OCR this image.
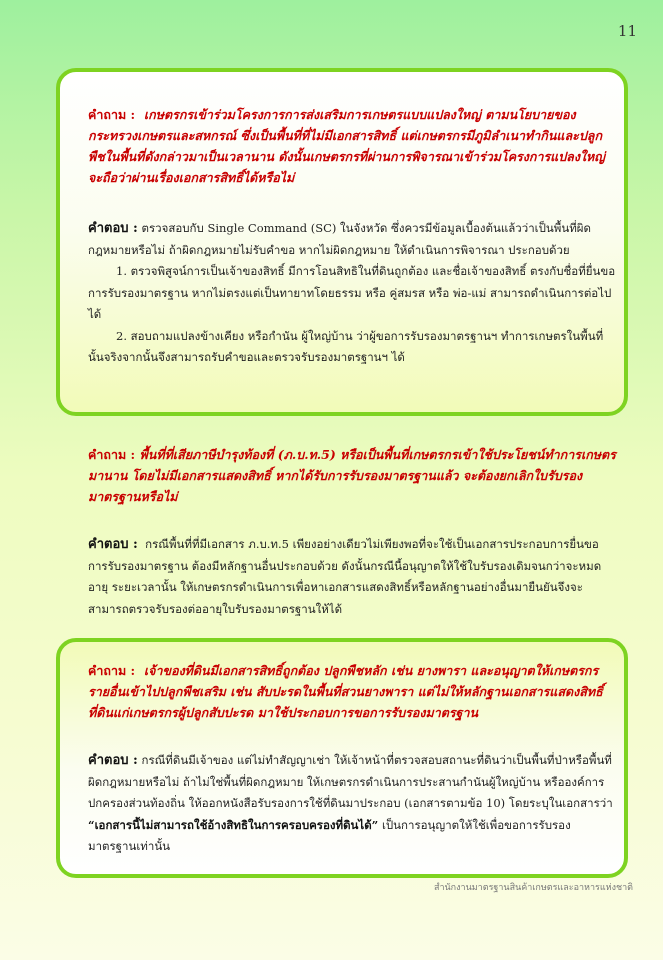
11

คำถาม : เกษตรกรเข้าร่วมโครงการการส่งเสริมการเกษตรแบบแปลงใหญ่ ตามนโยบายของกระทรวงเกษตรและสหกรณ์ ซึ่งเป็นพื้นที่ที่ไม่มีเอกสารสิทธิ์ แต่เกษตรกรมีภูมิลำเนาทำกินและปลูกพืชในพื้นที่ดังกล่าวมาเป็นเวลานาน ดังนั้นเกษตรกรที่ผ่านการพิจารณาเข้าร่วมโครงการแปลงใหญ่ จะถือว่าผ่านเรื่องเอกสารสิทธิ์ได้หรือไม่

คำตอบ : ตรวจสอบกับ Single Command (SC) ในจังหวัด ซึ่งควรมีข้อมูลเบื้องต้นแล้วว่าเป็นพื้นที่ผิดกฎหมายหรือไม่ ถ้าผิดกฎหมายไม่รับคำขอ หากไม่ผิดกฎหมาย ให้ดำเนินการพิจารณา ประกอบด้วย

1. ตรวจพิสูจน์การเป็นเจ้าของสิทธิ์ มีการโอนสิทธิในที่ดินถูกต้อง และชื่อเจ้าของสิทธิ์ ตรงกับชื่อที่ยื่นขอการรับรองมาตรฐาน หากไม่ตรงแต่เป็นทายาทโดยธรรม หรือ คู่สมรส หรือ พ่อ-แม่ สามารถดำเนินการต่อไปได้

2. สอบถามแปลงข้างเคียง หรือกำนัน ผู้ใหญ่บ้าน ว่าผู้ขอการรับรองมาตรฐานฯ ทำการเกษตรในพื้นที่นั้นจริงจากนั้นจึงสามารถรับคำขอและตรวจรับรองมาตรฐานฯ ได้

คำถาม : พื้นที่ที่เสียภาษีบำรุงท้องที่ (ภ.บ.ท.5) หรือเป็นพื้นที่เกษตรกรเข้าใช้ประโยชน์ทำการเกษตรมานาน โดยไม่มีเอกสารแสดงสิทธิ์ หากได้รับการรับรองมาตรฐานแล้ว จะต้องยกเลิกใบรับรองมาตรฐานหรือไม่

คำตอบ : กรณีพื้นที่ที่มีเอกสาร ภ.บ.ท.5 เพียงอย่างเดียวไม่เพียงพอที่จะใช้เป็นเอกสารประกอบการยื่นขอการรับรองมาตรฐาน ต้องมีหลักฐานอื่นประกอบด้วย ดังนั้นกรณีนี้อนุญาตให้ใช้ใบรับรองเดิมจนกว่าจะหมดอายุ ระยะเวลานั้น ให้เกษตรกรดำเนินการเพื่อหาเอกสารแสดงสิทธิ์หรือหลักฐานอย่างอื่นมายืนยันจึงจะสามารถตรวจรับรองต่ออายุใบรับรองมาตรฐานให้ได้

คำถาม : เจ้าของที่ดินมีเอกสารสิทธิ์ถูกต้อง ปลูกพืชหลัก เช่น ยางพารา และอนุญาตให้เกษตรกรรายอื่นเข้าไปปลูกพืชเสริม เช่น สับปะรดในพื้นที่สวนยางพารา แต่ไม่ให้หลักฐานเอกสารแสดงสิทธิ์ที่ดินแก่เกษตรกรผู้ปลูกสับปะรด มาใช้ประกอบการขอการรับรองมาตรฐาน

คำตอบ : กรณีที่ดินมีเจ้าของ แต่ไม่ทำสัญญาเช่า ให้เจ้าหน้าที่ตรวจสอบสถานะที่ดินว่าเป็นพื้นที่ป่าหรือพื้นที่ผิดกฎหมายหรือไม่ ถ้าไม่ใช่พื้นที่ผิดกฎหมาย ให้เกษตรกรดำเนินการประสานกำนันผู้ใหญ่บ้าน หรือองค์การปกครองส่วนท้องถิ่น ให้ออกหนังสือรับรองการใช้ที่ดินมาประกอบ (เอกสารตามข้อ 10) โดยระบุในเอกสารว่า “เอกสารนี้ไม่สามารถใช้อ้างสิทธิในการครอบครองที่ดินได้” เป็นการอนุญาตให้ใช้เพื่อขอการรับรองมาตรฐานเท่านั้น

สำนักงานมาตรฐานสินค้าเกษตรและอาหารแห่งชาติ
